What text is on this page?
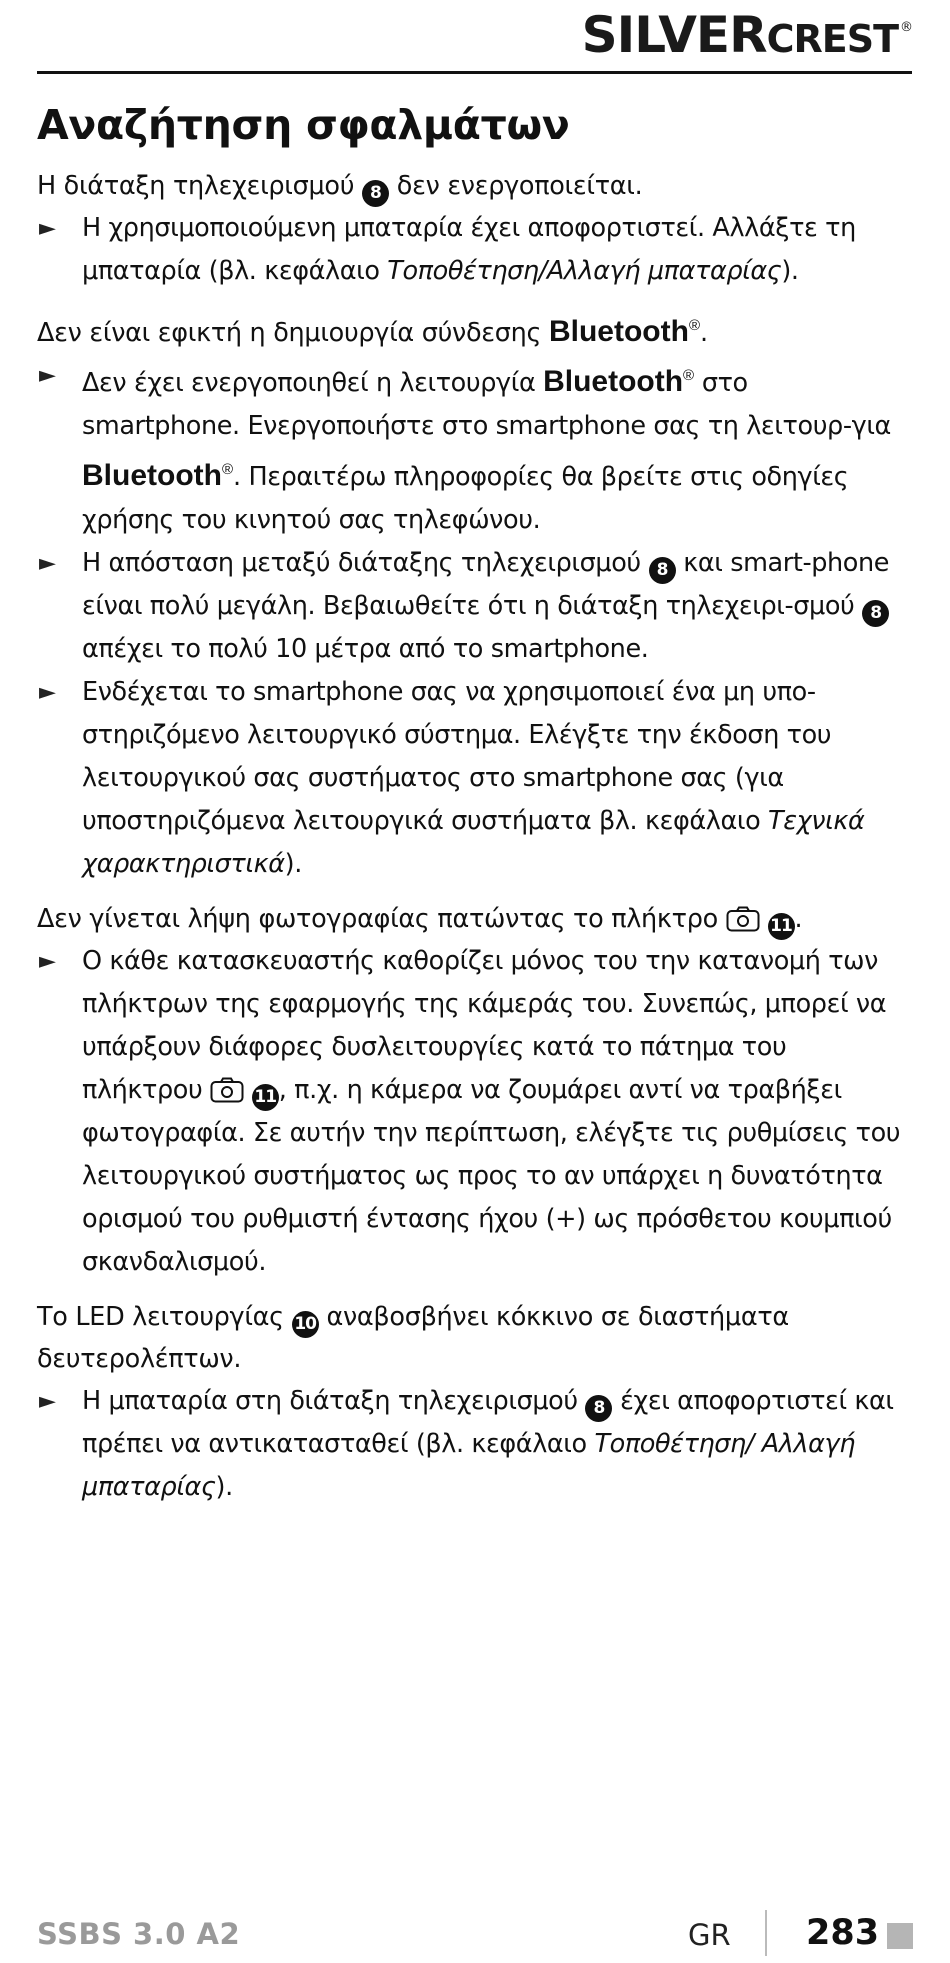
SILVERCREST ®
Αναζήτηση σφαλμάτων

Η διάταξη τηλεχειρισμού 8 δεν ενεργοποιείται.

► Η χρησιμοποιούμενη μπαταρία έχει αποφορτιστεί. Αλλάξτε τη μπαταρία (βλ. κεφάλαιο Τοποθέτηση/Αλλαγή μπαταρίας).

Δεν είναι εφικτή η δημιουργία σύνδεσης Bluetooth®.

► Δεν έχει ενεργοποιηθεί η λειτουργία Bluetooth® στο smartphone. Ενεργοποιήστε στο smartphone σας τη λειτουρ-για Bluetooth®. Περαιτέρω πληροφορίες θα βρείτε στις οδηγίες χρήσης του κινητού σας τηλεφώνου.
► Η απόσταση μεταξύ διάταξης τηλεχειρισμού 8 και smart-phone είναι πολύ μεγάλη. Βεβαιωθείτε ότι η διάταξη τηλεχειρι-σμού 8 απέχει το πολύ 10 μέτρα από το smartphone.
► Ενδέχεται το smartphone σας να χρησιμοποιεί ένα μη υπο-στηριζόμενο λειτουργικό σύστημα. Ελέγξτε την έκδοση του λειτουργικού σας συστήματος στο smartphone σας (για υποστηριζόμενα λειτουργικά συστήματα βλ. κεφάλαιο Τεχνικά χαρακτηριστικά).

Δεν γίνεται λήψη φωτογραφίας πατώντας το πλήκτρο	11 .

► Ο κάθε κατασκευαστής καθορίζει μόνος του την κατανομή των πλήκτρων της εφαρμογής της κάμεράς του. Συνεπώς, μπορεί να υπάρξουν διάφορες δυσλειτουργίες κατά το πάτημα του πλήκτρου	11 , π.χ. η κάμερα να ζουμάρει αντί να τραβήξει φωτογραφία. Σε αυτήν την περίπτωση, ελέγξτε τις ρυθμίσεις του λειτουργικού συστήματος ως προς το αν υπάρχει η δυνατότητα ορισμού του ρυθμιστή έντασης ήχου (+) ως πρόσθετου κουμπιού σκανδαλισμού.

Το LED λειτουργίας 10 αναβοσβήνει κόκκινο σε διαστήματα δευτερολέπτων.

► Η μπαταρία στη διάταξη τηλεχειρισμού 8 έχει αποφορτιστεί και πρέπει να αντικατασταθεί (βλ. κεφάλαιο Τοποθέτηση/ Αλλαγή μπαταρίας).
SSBS 3.0 A2	GR 283
